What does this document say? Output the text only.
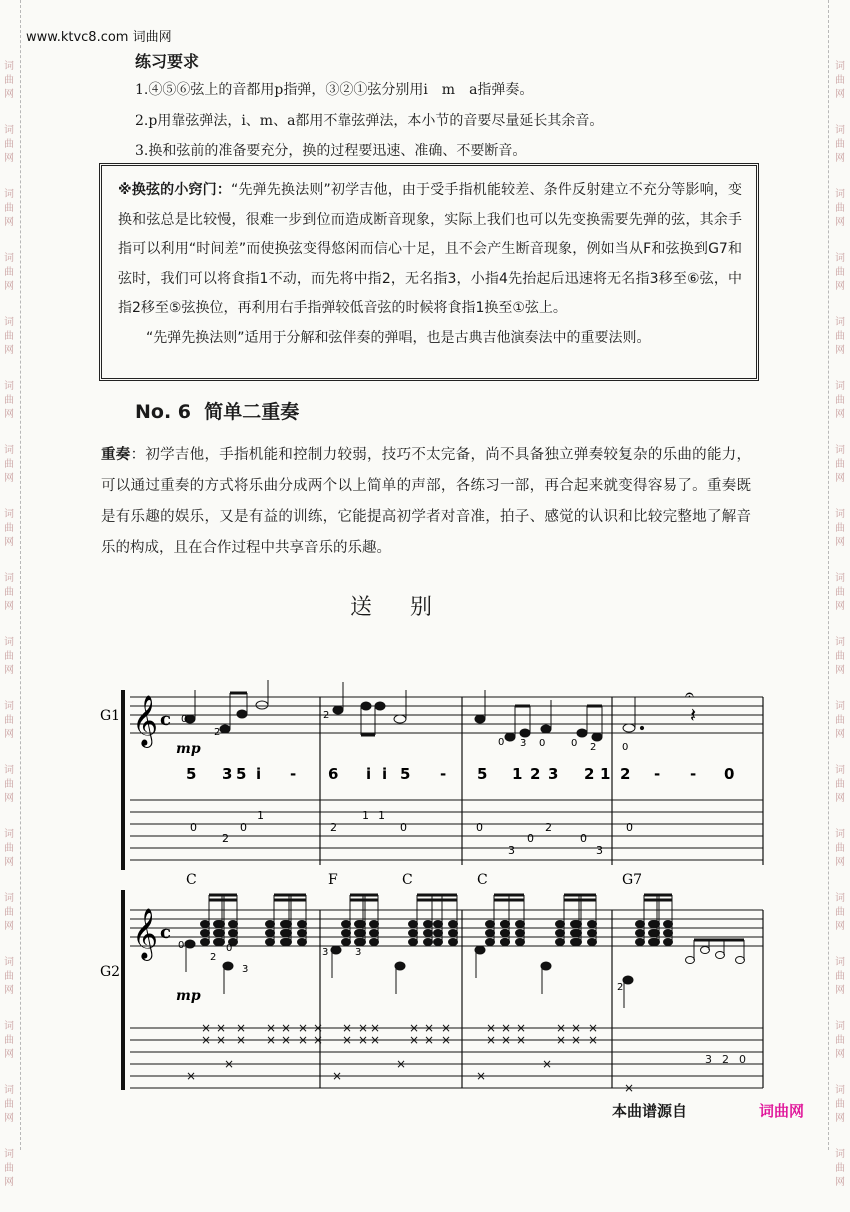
词
曲
网
词
曲
网
词
曲
网
词
曲
网
词
曲
网
词
曲
网
词
曲
网
词
曲
网
词
曲
网
词
曲
网
词
曲
网
词
曲
网
词
曲
网
词
曲
网
词
曲
网
词
曲
网
词
曲
网
词
曲
网
词
曲
网
词
曲
网
词
曲
网
词
曲
网
词
曲
网
词
曲
网
词
曲
网
词
曲
网
词
曲
网
词
曲
网
词
曲
网
词
曲
网
词
曲
网
词
曲
网
词
曲
网
词
曲
网
词
曲
网
词
曲
网
www.ktvc8.com 词曲网
练习要求
1.④⑤⑥弦上的音都用p指弹，③②①弦分别用i　m　a指弹奏。
2.p用靠弦弹法，i、m、a都用不靠弦弹法，本小节的音要尽量延长其余音。
3.换和弦前的准备要充分，换的过程要迅速、准确、不要断音。

※换弦的小窍门：“先弹先换法则”初学吉他，由于受手指机能较差、条件反射建立不充分等影响，变换和弦总是比较慢，很难一步到位而造成断音现象，实际上我们也可以先变换需要先弹的弦，其余手指可以利用“时间差”而使换弦变得悠闲而信心十足，且不会产生断音现象，例如当从F和弦换到G7和弦时，我们可以将食指1不动，而先将中指2，无名指3，小指4先抬起后迅速将无名指3移至⑥弦，中指2移至⑤弦换位，再利用右手指弹较低音弦的时候将食指1换至①弦上。

“先弹先换法则”适用于分解和弦伴奏的弹唱，也是古典吉他演奏法中的重要法则。

No. 6 简单二重奏
重奏：初学吉他，手指机能和控制力较弱，技巧不太完备，尚不具备独立弹奏较复杂的乐曲的能力，可以通过重奏的方式将乐曲分成两个以上简单的声部，各练习一部，再合起来就变得容易了。重奏既是有乐趣的娱乐，又是有益的训练，它能提高初学者对音准，拍子、感觉的认识和比较完整地了解音乐的构成，且在合作过程中共享音乐的乐趣。
送别
G1
G2
𝄞 c
mp
𝄽
𝄐
5 3 5 i - 6 i i 5 - 5 1 2 3 2 1 2 - - 0
0
2
0
1
2
1 1
0	0
3
0
2
0
3
0
0
2
2
0 3 0	0 2	0
C	F	C	C	G7
𝄞 c
mp
×
×
×
×
×
×
×
×
×
×
×
×
×
×
×
×
×
×
×
×
×
×
×
×
×
×
×
×
×
×
×
×
×
×
×
×
×
×
×
×
×
×
×
×
×
3 2 0
0
2
0
3
3
2
3
本曲谱源自	词曲网
